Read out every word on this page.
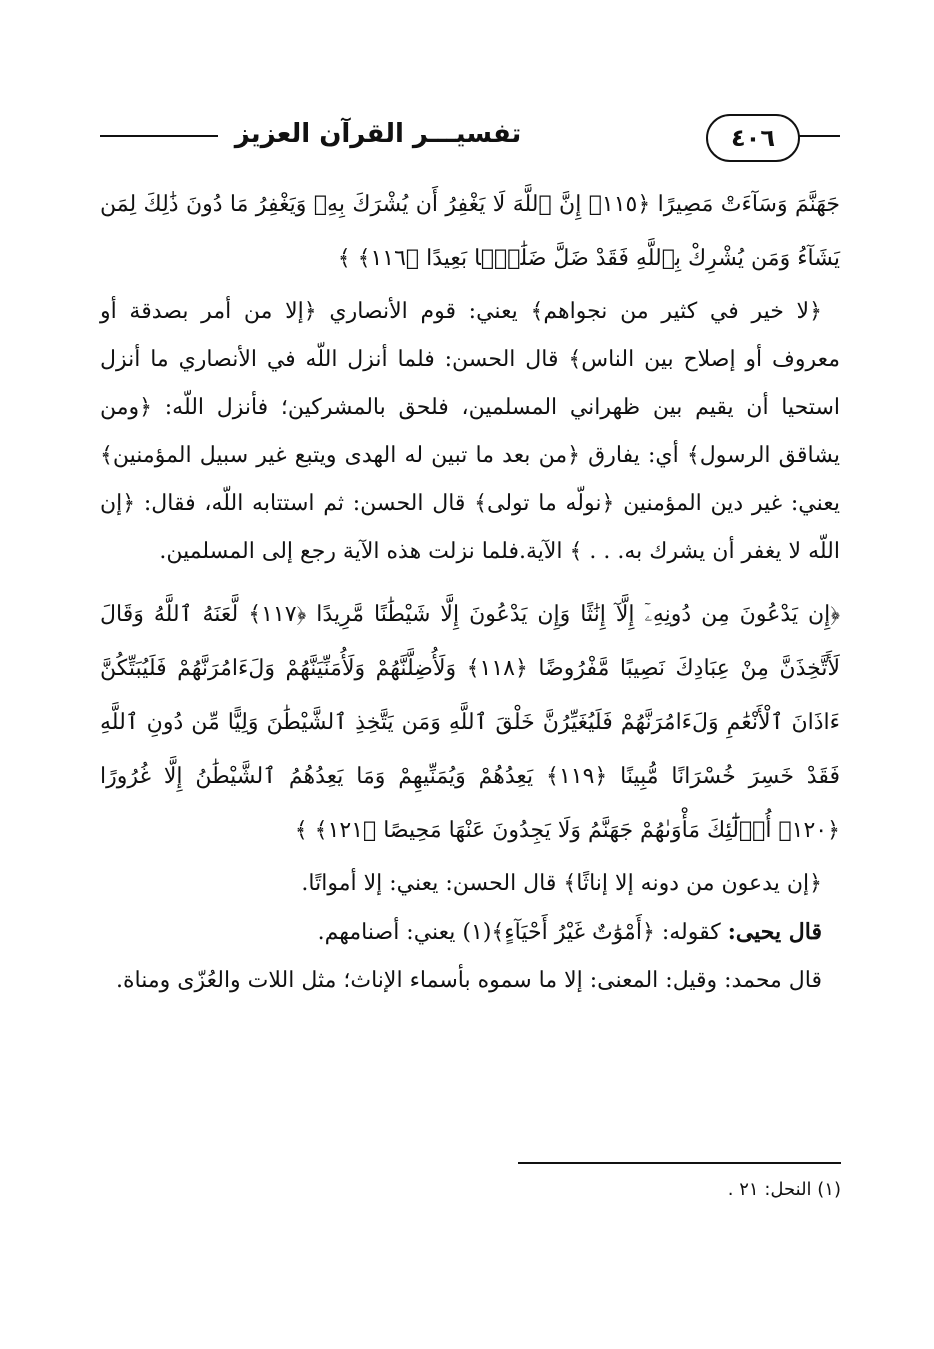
تفسيـــر القرآن العزيز	٤٠٦

جَهَنَّمَ وَسَآءَتْ مَصِيرًا ﴿١١٥﴾ إِنَّ ٱللَّهَ لَا يَغْفِرُ أَن يُشْرَكَ بِهِۦ وَيَغْفِرُ مَا دُونَ ذَٰلِكَ لِمَن يَشَآءُ وَمَن يُشْرِكْ بِٱللَّهِ فَقَدْ ضَلَّ ضَلَٰلًۢا بَعِيدًا ﴿١١٦﴾ ﴾

﴿لا خير في كثير من نجواهم﴾ يعني: قوم الأنصاري ﴿إلا من أمر بصدقة أو معروف أو إصلاح بين الناس﴾ قال الحسن: فلما أنزل اللّه في الأنصاري ما أنزل استحيا أن يقيم بين ظهراني المسلمين، فلحق بالمشركين؛ فأنزل اللّه: ﴿ومن يشاقق الرسول﴾ أي: يفارق ﴿من بعد ما تبين له الهدى ويتبع غير سبيل المؤمنين﴾ يعني: غير دين المؤمنين ﴿نولّه ما تولى﴾ قال الحسن: ثم استتابه اللّه، فقال: ﴿إن اللّه لا يغفر أن يشرك به. . . ﴾ الآية.فلما نزلت هذه الآية رجع إلى المسلمين.

﴿إِن يَدْعُونَ مِن دُونِهِۦٓ إِلَّآ إِنَٰثًا وَإِن يَدْعُونَ إِلَّا شَيْطَٰنًا مَّرِيدًا ﴿١١٧﴾ لَّعَنَهُ ٱللَّهُ وَقَالَ لَأَتَّخِذَنَّ مِنْ عِبَادِكَ نَصِيبًا مَّفْرُوضًا ﴿١١٨﴾ وَلَأُضِلَّنَّهُمْ وَلَأُمَنِّيَنَّهُمْ وَلَءَامُرَنَّهُمْ فَلَيُبَتِّكُنَّ ءَاذَانَ ٱلْأَنْعَٰمِ وَلَءَامُرَنَّهُمْ فَلَيُغَيِّرُنَّ خَلْقَ ٱللَّهِ وَمَن يَتَّخِذِ ٱلشَّيْطَٰنَ وَلِيًّا مِّن دُونِ ٱللَّهِ فَقَدْ خَسِرَ خُسْرَانًا مُّبِينًا ﴿١١٩﴾ يَعِدُهُمْ وَيُمَنِّيهِمْ وَمَا يَعِدُهُمُ ٱلشَّيْطَٰنُ إِلَّا غُرُورًا ﴿١٢٠﴾ أُو۟لَٰٓئِكَ مَأْوَىٰهُمْ جَهَنَّمُ وَلَا يَجِدُونَ عَنْهَا مَحِيصًا ﴿١٢١﴾ ﴾

﴿إن يدعون من دونه إلا إناثًا﴾ قال الحسن: يعني: إلا أمواتًا.

قال يحيى: كقوله: ﴿أَمْوَٰتٌ غَيْرُ أَحْيَآءٍ﴾(١) يعني: أصنامهم.

قال محمد: وقيل: المعنى: إلا ما سموه بأسماء الإناث؛ مثل اللات والعُزّى ومناة.

(١) النحل: ٢١ .
